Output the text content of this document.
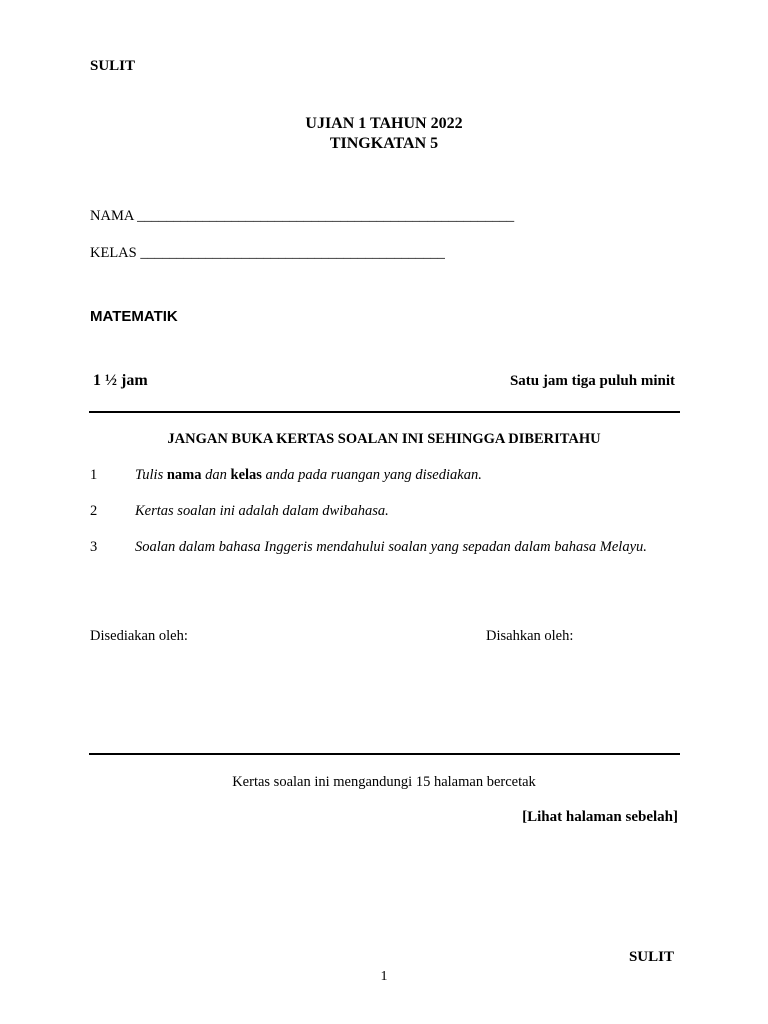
SULIT
UJIAN 1 TAHUN 2022
TINGKATAN 5
NAMA ____________________________________________________
KELAS __________________________________________
MATEMATIK
1 ½ jam	Satu jam tiga puluh minit
JANGAN BUKA KERTAS SOALAN INI SEHINGGA DIBERITAHU
1	Tulis nama dan kelas anda pada ruangan yang disediakan.
2	Kertas soalan ini adalah dalam dwibahasa.
3	Soalan dalam bahasa Inggeris mendahului soalan yang sepadan dalam bahasa Melayu.
Disediakan oleh:	Disahkan oleh:
Kertas soalan ini mengandungi 15 halaman bercetak
[Lihat halaman sebelah]
SULIT
1
